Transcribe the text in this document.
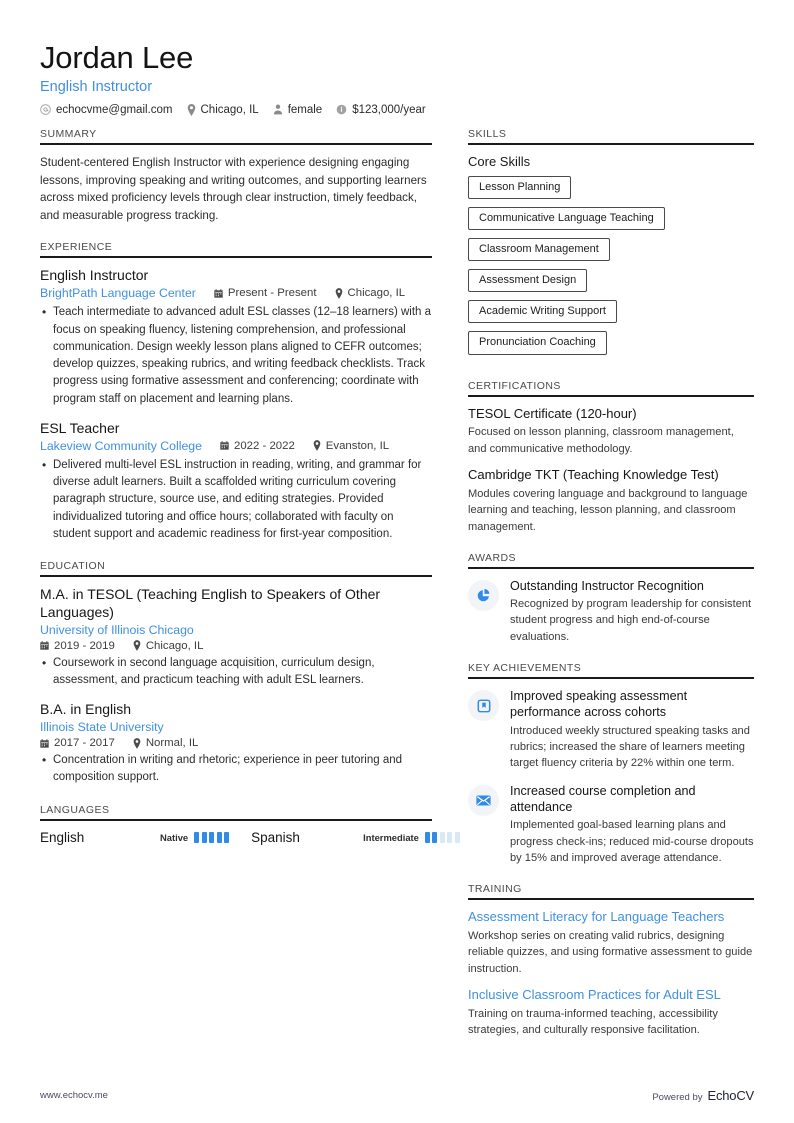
Jordan Lee
English Instructor
echocvme@gmail.com Chicago, IL	female	$123,000/year
SUMMARY
Student-centered English Instructor with experience designing engaging lessons, improving speaking and writing outcomes, and supporting learners across mixed proficiency levels through clear instruction, timely feedback, and measurable progress tracking.
EXPERIENCE
English Instructor
BrightPath Language Center	Present - Present	Chicago, IL
• Teach intermediate to advanced adult ESL classes (12–18 learners) with a focus on speaking fluency, listening comprehension, and professional communication. Design weekly lesson plans aligned to CEFR outcomes; develop quizzes, speaking rubrics, and writing feedback checklists. Track progress using formative assessment and conferencing; coordinate with program staff on placement and learning plans.
ESL Teacher
Lakeview Community College	2022 - 2022	Evanston, IL
• Delivered multi-level ESL instruction in reading, writing, and grammar for diverse adult learners. Built a scaffolded writing curriculum covering paragraph structure, source use, and editing strategies. Provided individualized tutoring and office hours; collaborated with faculty on student support and academic readiness for first-year composition.
EDUCATION
M.A. in TESOL (Teaching English to Speakers of Other Languages)
University of Illinois Chicago
2019 - 2019	Chicago, IL
• Coursework in second language acquisition, curriculum design, assessment, and practicum teaching with adult ESL learners.
B.A. in English
Illinois State University
2017 - 2017	Normal, IL
• Concentration in writing and rhetoric; experience in peer tutoring and composition support.
LANGUAGES
English	Native	Spanish	Intermediate
SKILLS
Core Skills
Lesson Planning
Communicative Language Teaching
Classroom Management
Assessment Design
Academic Writing Support
Pronunciation Coaching
CERTIFICATIONS
TESOL Certificate (120-hour)
Focused on lesson planning, classroom management, and communicative methodology.
Cambridge TKT (Teaching Knowledge Test)
Modules covering language and background to language learning and teaching, lesson planning, and classroom management.
AWARDS
Outstanding Instructor Recognition
Recognized by program leadership for consistent student progress and high end-of-course evaluations.
KEY ACHIEVEMENTS
Improved speaking assessment performance across cohorts
Introduced weekly structured speaking tasks and rubrics; increased the share of learners meeting target fluency criteria by 22% within one term.
Increased course completion and attendance
Implemented goal-based learning plans and progress check-ins; reduced mid-course dropouts by 15% and improved average attendance.
TRAINING
Assessment Literacy for Language Teachers
Workshop series on creating valid rubrics, designing reliable quizzes, and using formative assessment to guide instruction.
Inclusive Classroom Practices for Adult ESL
Training on trauma-informed teaching, accessibility strategies, and culturally responsive facilitation.
www.echocv.me	Powered by EchoCV
